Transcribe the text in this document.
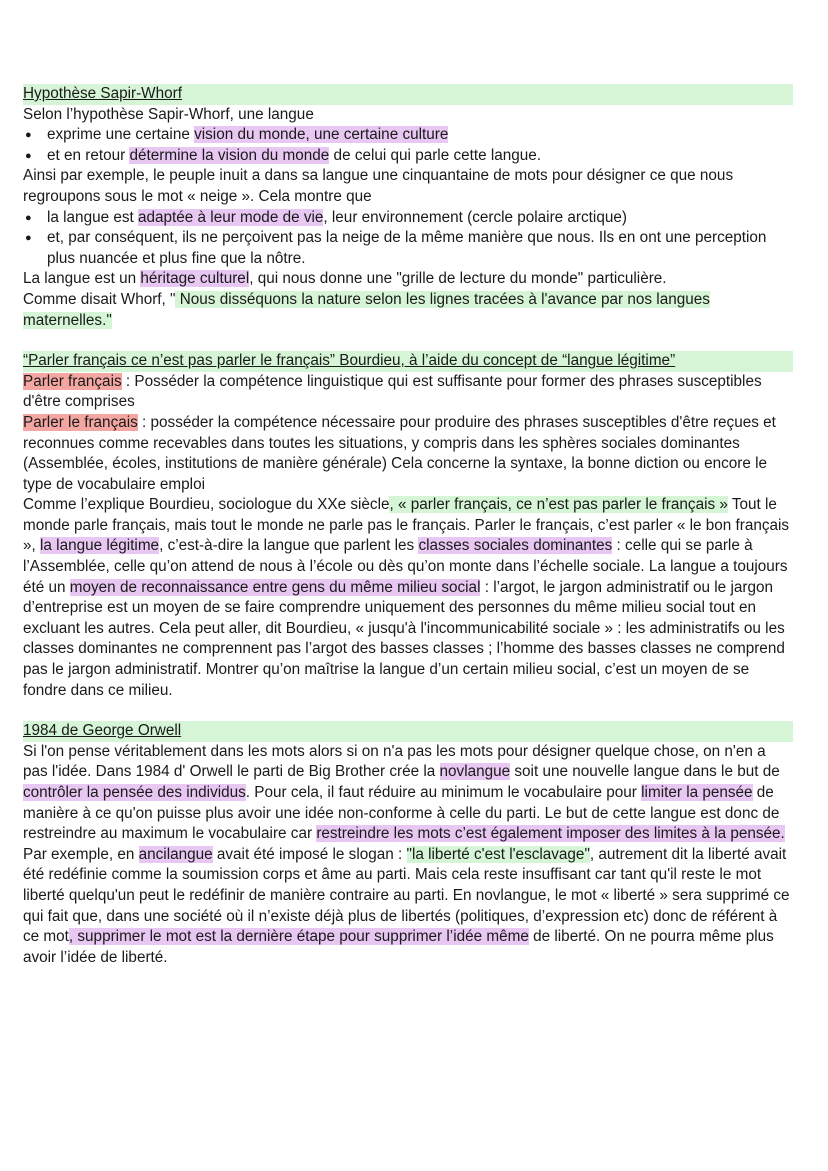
Hypothèse Sapir-Whorf

Selon l’hypothèse Sapir-Whorf, une langue

● exprime une certaine vision du monde, une certaine culture

● et en retour détermine la vision du monde de celui qui parle cette langue.

Ainsi par exemple, le peuple inuit a dans sa langue une cinquantaine de mots pour désigner ce que nous regroupons sous le mot « neige ». Cela montre que

● la langue est adaptée à leur mode de vie, leur environnement (cercle polaire arctique)

● et, par conséquent, ils ne perçoivent pas la neige de la même manière que nous. Ils en ont une perception plus nuancée et plus fine que la nôtre.

La langue est un héritage culturel, qui nous donne une "grille de lecture du monde" particulière.

Comme disait Whorf, " Nous disséquons la nature selon les lignes tracées à l'avance par nos langues maternelles."

“Parler français ce n’est pas parler le français” Bourdieu, à l’aide du concept de “langue légitime”

Parler français : Posséder la compétence linguistique qui est suffisante pour former des phrases susceptibles d'être comprises

Parler le français : posséder la compétence nécessaire pour produire des phrases susceptibles d'être reçues et reconnues comme recevables dans toutes les situations, y compris dans les sphères sociales dominantes (Assemblée, écoles, institutions de manière générale) Cela concerne la syntaxe, la bonne diction ou encore le type de vocabulaire emploi

Comme l’explique Bourdieu, sociologue du XXe siècle, « parler français, ce n’est pas parler le français » Tout le monde parle français, mais tout le monde ne parle pas le français. Parler le français, c’est parler « le bon français », la langue légitime, c’est-à-dire la langue que parlent les classes sociales dominantes : celle qui se parle à l’Assemblée, celle qu’on attend de nous à l’école ou dès qu’on monte dans l’échelle sociale. La langue a toujours été un moyen de reconnaissance entre gens du même milieu social : l’argot, le jargon administratif ou le jargon d’entreprise est un moyen de se faire comprendre uniquement des personnes du même milieu social tout en excluant les autres. Cela peut aller, dit Bourdieu, « jusqu'à l'incommunicabilité sociale » : les administratifs ou les classes dominantes ne comprennent pas l’argot des basses classes ; l’homme des basses classes ne comprend pas le jargon administratif. Montrer qu’on maîtrise la langue d’un certain milieu social, c’est un moyen de se fondre dans ce milieu.

1984 de George Orwell

Si l'on pense véritablement dans les mots alors si on n'a pas les mots pour désigner quelque chose, on n'en a pas l'idée. Dans 1984 d' Orwell le parti de Big Brother crée la novlangue soit une nouvelle langue dans le but de contrôler la pensée des individus. Pour cela, il faut réduire au minimum le vocabulaire pour limiter la pensée de manière à ce qu'on puisse plus avoir une idée non-conforme à celle du parti. Le but de cette langue est donc de restreindre au maximum le vocabulaire car restreindre les mots c’est également imposer des limites à la pensée.

Par exemple, en ancilangue avait été imposé le slogan : "la liberté c'est l'esclavage", autrement dit la liberté avait été redéfinie comme la soumission corps et âme au parti. Mais cela reste insuffisant car tant qu'il reste le mot liberté quelqu'un peut le redéfinir de manière contraire au parti. En novlangue, le mot « liberté » sera supprimé ce qui fait que, dans une société où il n’existe déjà plus de libertés (politiques, d’expression etc) donc de référent à ce mot, supprimer le mot est la dernière étape pour supprimer l’idée même de liberté. On ne pourra même plus avoir l’idée de liberté.
